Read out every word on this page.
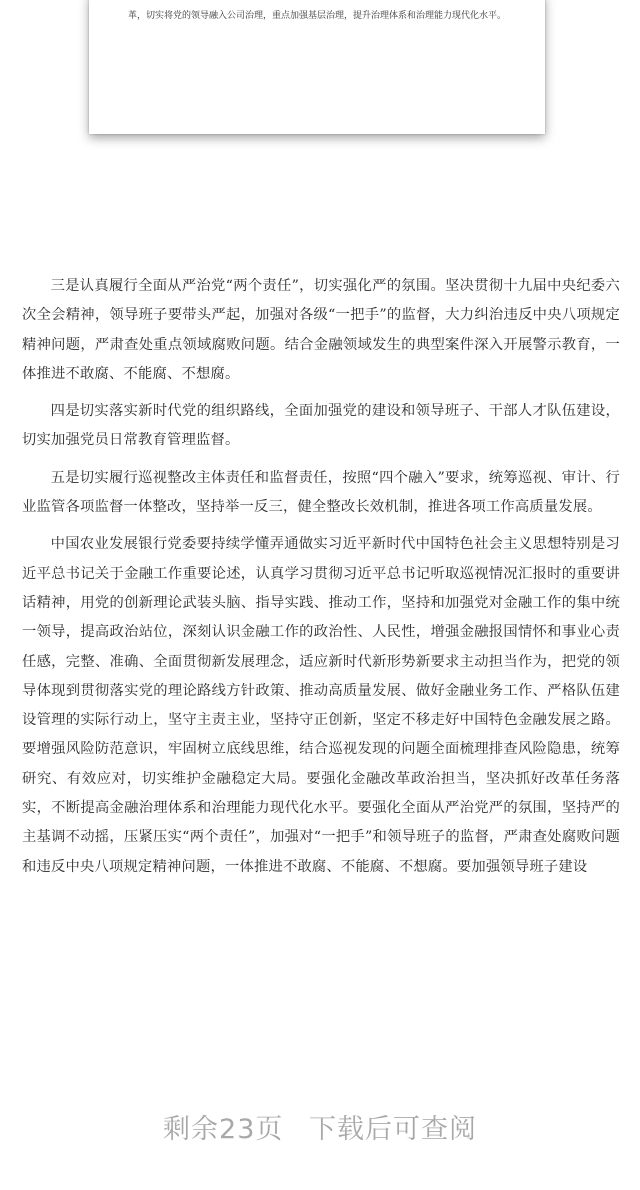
革，切实将党的领导融入公司治理，重点加强基层治理，提升治理体系和治理能力现代化水平。

三是认真履行全面从严治党“两个责任”，切实强化严的氛围。坚决贯彻十九届中央纪委六次全会精神，领导班子要带头严起，加强对各级“一把手”的监督，大力纠治违反中央八项规定精神问题，严肃查处重点领域腐败问题。结合金融领域发生的典型案件深入开展警示教育，一体推进不敢腐、不能腐、不想腐。

四是切实落实新时代党的组织路线，全面加强党的建设和领导班子、干部人才队伍建设，切实加强党员日常教育管理监督。

五是切实履行巡视整改主体责任和监督责任，按照“四个融入”要求，统筹巡视、审计、行业监管各项监督一体整改，坚持举一反三，健全整改长效机制，推进各项工作高质量发展。

中国农业发展银行党委要持续学懂弄通做实习近平新时代中国特色社会主义思想特别是习近平总书记关于金融工作重要论述，认真学习贯彻习近平总书记听取巡视情况汇报时的重要讲话精神，用党的创新理论武装头脑、指导实践、推动工作，坚持和加强党对金融工作的集中统一领导，提高政治站位，深刻认识金融工作的政治性、人民性，增强金融报国情怀和事业心责任感，完整、准确、全面贯彻新发展理念，适应新时代新形势新要求主动担当作为，把党的领导体现到贯彻落实党的理论路线方针政策、推动高质量发展、做好金融业务工作、严格队伍建设管理的实际行动上，坚守主责主业，坚持守正创新，坚定不移走好中国特色金融发展之路。要增强风险防范意识，牢固树立底线思维，结合巡视发现的问题全面梳理排查风险隐患，统筹研究、有效应对，切实维护金融稳定大局。要强化金融改革政治担当，坚决抓好改革任务落实，不断提高金融治理体系和治理能力现代化水平。要强化全面从严治党严的氛围，坚持严的主基调不动摇，压紧压实“两个责任”，加强对“一把手”和领导班子的监督，严肃查处腐败问题和违反中央八项规定精神问题，一体推进不敢腐、不能腐、不想腐。要加强领导班子建设

剩余23页 下载后可查阅
